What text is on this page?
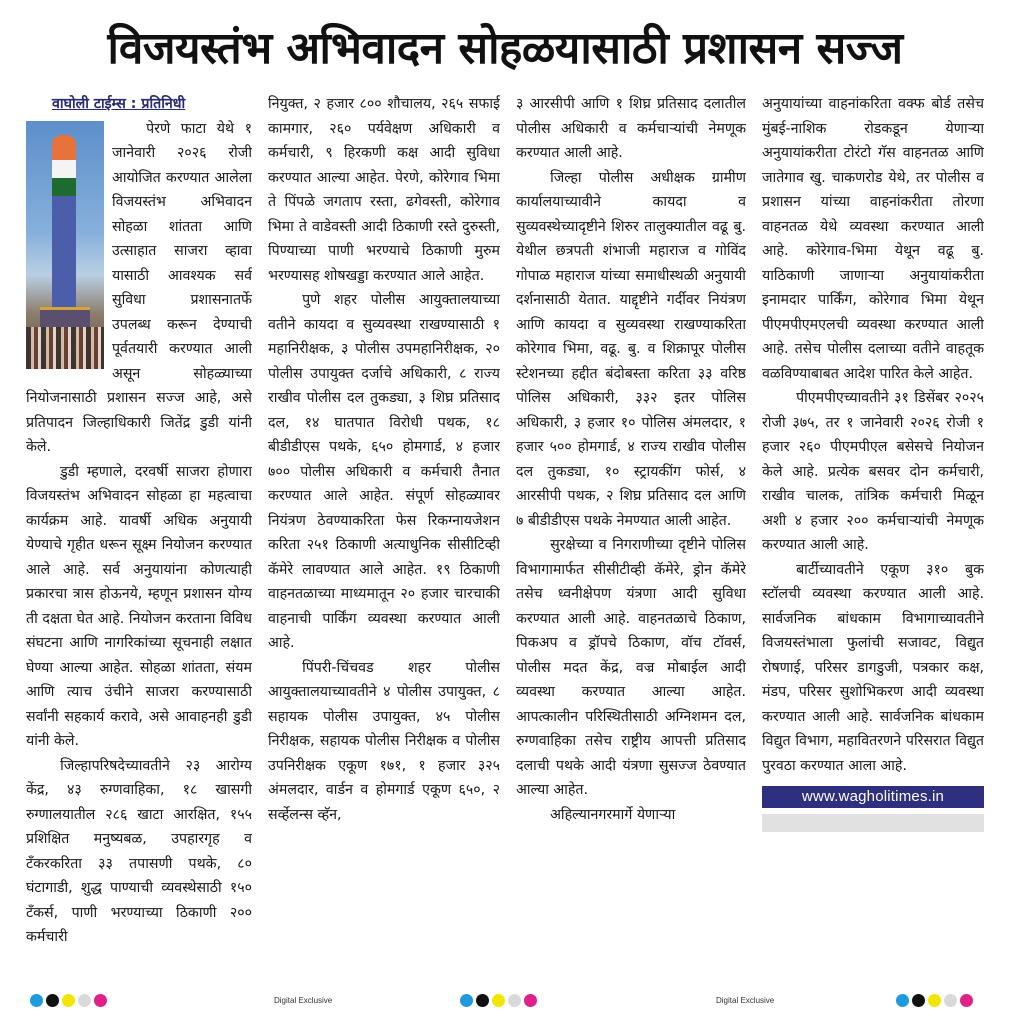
विजयस्तंभ अभिवादन सोहळयासाठी प्रशासन सज्ज
वाघोली टाईम्स : प्रतिनिधी

पेरणे फाटा येथे १ जानेवारी २०२६ रोजी आयोजित करण्यात आलेला विजयस्तंभ अभिवादन सोहळा शांतता आणि उत्साहात साजरा व्हावा यासाठी आवश्यक सर्व सुविधा प्रशासनातर्फे उपलब्ध करून देण्याची पूर्वतयारी करण्यात आली असून सोहळ्याच्या नियोजनासाठी प्रशासन सज्ज आहे, असे प्रतिपादन जिल्हाधिकारी जितेंद्र डुडी यांनी केले.

डुडी म्हणाले, दरवर्षी साजरा होणारा विजयस्तंभ अभिवादन सोहळा हा महत्वाचा कार्यक्रम आहे. यावर्षी अधिक अनुयायी येण्याचे गृहीत धरून सूक्ष्म नियोजन करण्यात आले आहे. सर्व अनुयायांना कोणत्याही प्रकारचा त्रास होऊनये, म्हणून प्रशासन योग्य ती दक्षता घेत आहे. नियोजन करताना विविध संघटना आणि नागरिकांच्या सूचनाही लक्षात घेण्या आल्या आहेत. सोहळा शांतता, संयम आणि त्याच उंचीने साजरा करण्यासाठी सर्वांनी सहकार्य करावे, असे आवाहनही डुडी यांनी केले.

जिल्हापरिषदेच्यावतीने २३ आरोग्य केंद्र, ४३ रुग्णवाहिका, १८ खासगी रुग्णालयातील २८६ खाटा आरक्षित, १५५ प्रशिक्षित मनुष्यबळ, उपहारगृह व टँकरकरिता ३३ तपासणी पथके, ८० घंटागाडी, शुद्ध पाण्याची व्यवस्थेसाठी १५० टँकर्स, पाणी भरण्याच्या ठिकाणी २०० कर्मचारी

नियुक्त, २ हजार ८०० शौचालय, २६५ सफाई कामगार, २६० पर्यवेक्षण अधिकारी व कर्मचारी, ९ हिरकणी कक्ष आदी सुविधा करण्यात आल्या आहेत. पेरणे, कोरेगाव भिमा ते पिंपळे जगताप रस्ता, ढगेवस्ती, कोरेगाव भिमा ते वाडेवस्ती आदी ठिकाणी रस्ते दुरुस्ती, पिण्याच्या पाणी भरण्याचे ठिकाणी मुरुम भरण्यासह शोषखड्डा करण्यात आले आहेत.

पुणे शहर पोलीस आयुक्तालयाच्या वतीने कायदा व सुव्यवस्था राखण्यासाठी १ महानिरीक्षक, ३ पोलीस उपमहानिरीक्षक, २० पोलीस उपायुक्त दर्जाचे अधिकारी, ८ राज्य राखीव पोलीस दल तुकड्या, ३ शिघ्र प्रतिसाद दल, १४ घातपात विरोधी पथक, १८ बीडीडीएस पथके, ६५० होमगार्ड, ४ हजार ७०० पोलीस अधिकारी व कर्मचारी तैनात करण्यात आले आहेत. संपूर्ण सोहळ्यावर नियंत्रण ठेवण्याकरिता फेस रिकग्नायजेशन करिता २५१ ठिकाणी अत्याधुनिक सीसीटिव्ही कॅमेरे लावण्यात आले आहेत. १९ ठिकाणी वाहनतळाच्या माध्यमातून २० हजार चारचाकी वाहनाची पार्किंग व्यवस्था करण्यात आली आहे.

पिंपरी-चिंचवड शहर पोलीस आयुक्तालयाच्यावतीने ४ पोलीस उपायुक्त, ८ सहायक पोलीस उपायुक्त, ४५ पोलीस निरीक्षक, सहायक पोलीस निरीक्षक व पोलीस उपनिरीक्षक एकूण १७१, १ हजार ३२५ अंमलदार, वार्डन व होमगार्ड एकूण ६५०, २ सर्व्हेलन्स व्हॅन,

३ आरसीपी आणि १ शिघ्र प्रतिसाद दलातील पोलीस अधिकारी व कर्मचाऱ्यांची नेमणूक करण्यात आली आहे.

जिल्हा पोलीस अधीक्षक ग्रामीण कार्यालयाच्यावीने कायदा व सुव्यवस्थेच्यादृष्टीने शिरुर तालुक्यातील वढू बु. येथील छत्रपती शंभाजी महाराज व गोविंद गोपाळ महाराज यांच्या समाधीस्थळी अनुयायी दर्शनासाठी येतात. याद्दृष्टीने गर्दीवर नियंत्रण आणि कायदा व सुव्यवस्था राखण्याकरिता कोरेगाव भिमा, वढू. बु. व शिक्रापूर पोलीस स्टेशनच्या हद्दीत बंदोबस्ता करिता ३३ वरिष्ठ पोलिस अधिकारी, ३३२ इतर पोलिस अधिकारी, ३ हजार १० पोलिस अंमलदार, १ हजार ५०० होमगार्ड, ४ राज्य राखीव पोलीस दल तुकड्या, १० स्ट्रायकींग फोर्स, ४ आरसीपी पथक, २ शिघ्र प्रतिसाद दल आणि ७ बीडीडीएस पथके नेमण्यात आली आहेत.

सुरक्षेच्या व निगराणीच्या दृष्टीने पोलिस विभागामार्फत सीसीटीव्ही कॅमेरे, ड्रोन कॅमेरे तसेच ध्वनीक्षेपण यंत्रणा आदी सुविधा करण्यात आली आहे. वाहनतळाचे ठिकाण, पिकअप व ड्रॉपचे ठिकाण, वॉच टॉवर्स, पोलीस मदत केंद्र, वज्र मोबाईल आदी व्यवस्था करण्यात आल्या आहेत. आपत्कालीन परिस्थितीसाठी अग्निशमन दल, रुग्णवाहिका तसेच राष्ट्रीय आपत्ती प्रतिसाद दलाची पथके आदी यंत्रणा सुसज्ज ठेवण्यात आल्या आहेत.

अहिल्यानगरमार्गे येणाऱ्या

अनुयायांच्या वाहनांकरिता वक्फ बोर्ड तसेच मुंबई-नाशिक रोडकडून येणाऱ्या अनुयायांकरीता टोरंटो गॅस वाहनतळ आणि जातेगाव खु. चाकणरोड येथे, तर पोलीस व प्रशासन यांच्या वाहनांकरीता तोरणा वाहनतळ येथे व्यवस्था करण्यात आली आहे. कोरेगाव-भिमा येथून वढू बु. याठिकाणी जाणाऱ्या अनुयायांकरीता इनामदार पार्किंग, कोरेगाव भिमा येथून पीएमपीएमएलची व्यवस्था करण्यात आली आहे. तसेच पोलीस दलाच्या वतीने वाहतूक वळविण्याबाबत आदेश पारित केले आहेत.

पीएमपीएच्यावतीने ३१ डिसेंबर २०२५ रोजी ३७५, तर १ जानेवारी २०२६ रोजी १ हजार २६० पीएमपीएल बसेसचे नियोजन केले आहे. प्रत्येक बसवर दोन कर्मचारी, राखीव चालक, तांत्रिक कर्मचारी मिळून अशी ४ हजार २०० कर्मचाऱ्यांची नेमणूक करण्यात आली आहे.

बार्टीच्यावतीने एकूण ३१० बुक स्टॉलची व्यवस्था करण्यात आली आहे. सार्वजनिक बांधकाम विभागाच्यावतीने विजयस्तंभाला फुलांची सजावट, विद्युत रोषणाई, परिसर डागडुजी, पत्रकार कक्ष, मंडप, परिसर सुशोभिकरण आदी व्यवस्था करण्यात आली आहे. सार्वजनिक बांधकाम विद्युत विभाग, महावितरणने परिसरात विद्युत पुरवठा करण्यात आला आहे.

www.wagholitimes.in
Digital Exclusive	Digital Exclusive
